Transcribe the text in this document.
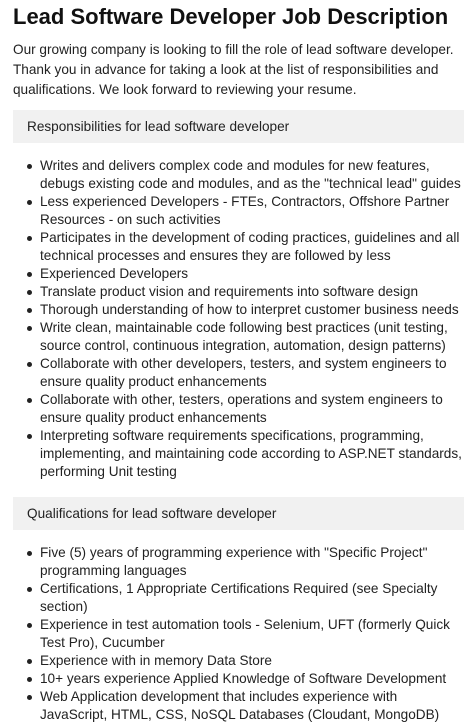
Lead Software Developer Job Description

Our growing company is looking to fill the role of lead software developer. Thank you in advance for taking a look at the list of responsibilities and qualifications. We look forward to reviewing your resume.

Responsibilities for lead software developer
Writes and delivers complex code and modules for new features, debugs existing code and modules, and as the "technical lead" guides
Less experienced Developers - FTEs, Contractors, Offshore Partner Resources - on such activities
Participates in the development of coding practices, guidelines and all technical processes and ensures they are followed by less
Experienced Developers
Translate product vision and requirements into software design
Thorough understanding of how to interpret customer business needs
Write clean, maintainable code following best practices (unit testing, source control, continuous integration, automation, design patterns)
Collaborate with other developers, testers, and system engineers to ensure quality product enhancements
Collaborate with other, testers, operations and system engineers to ensure quality product enhancements
Interpreting software requirements specifications, programming, implementing, and maintaining code according to ASP.NET standards, performing Unit testing
Qualifications for lead software developer
Five (5) years of programming experience with "Specific Project" programming languages
Certifications, 1 Appropriate Certifications Required (see Specialty section)
Experience in test automation tools - Selenium, UFT (formerly Quick Test Pro), Cucumber
Experience with in memory Data Store
10+ years experience Applied Knowledge of Software Development
Web Application development that includes experience with JavaScript, HTML, CSS, NoSQL Databases (Cloudant, MongoDB)
